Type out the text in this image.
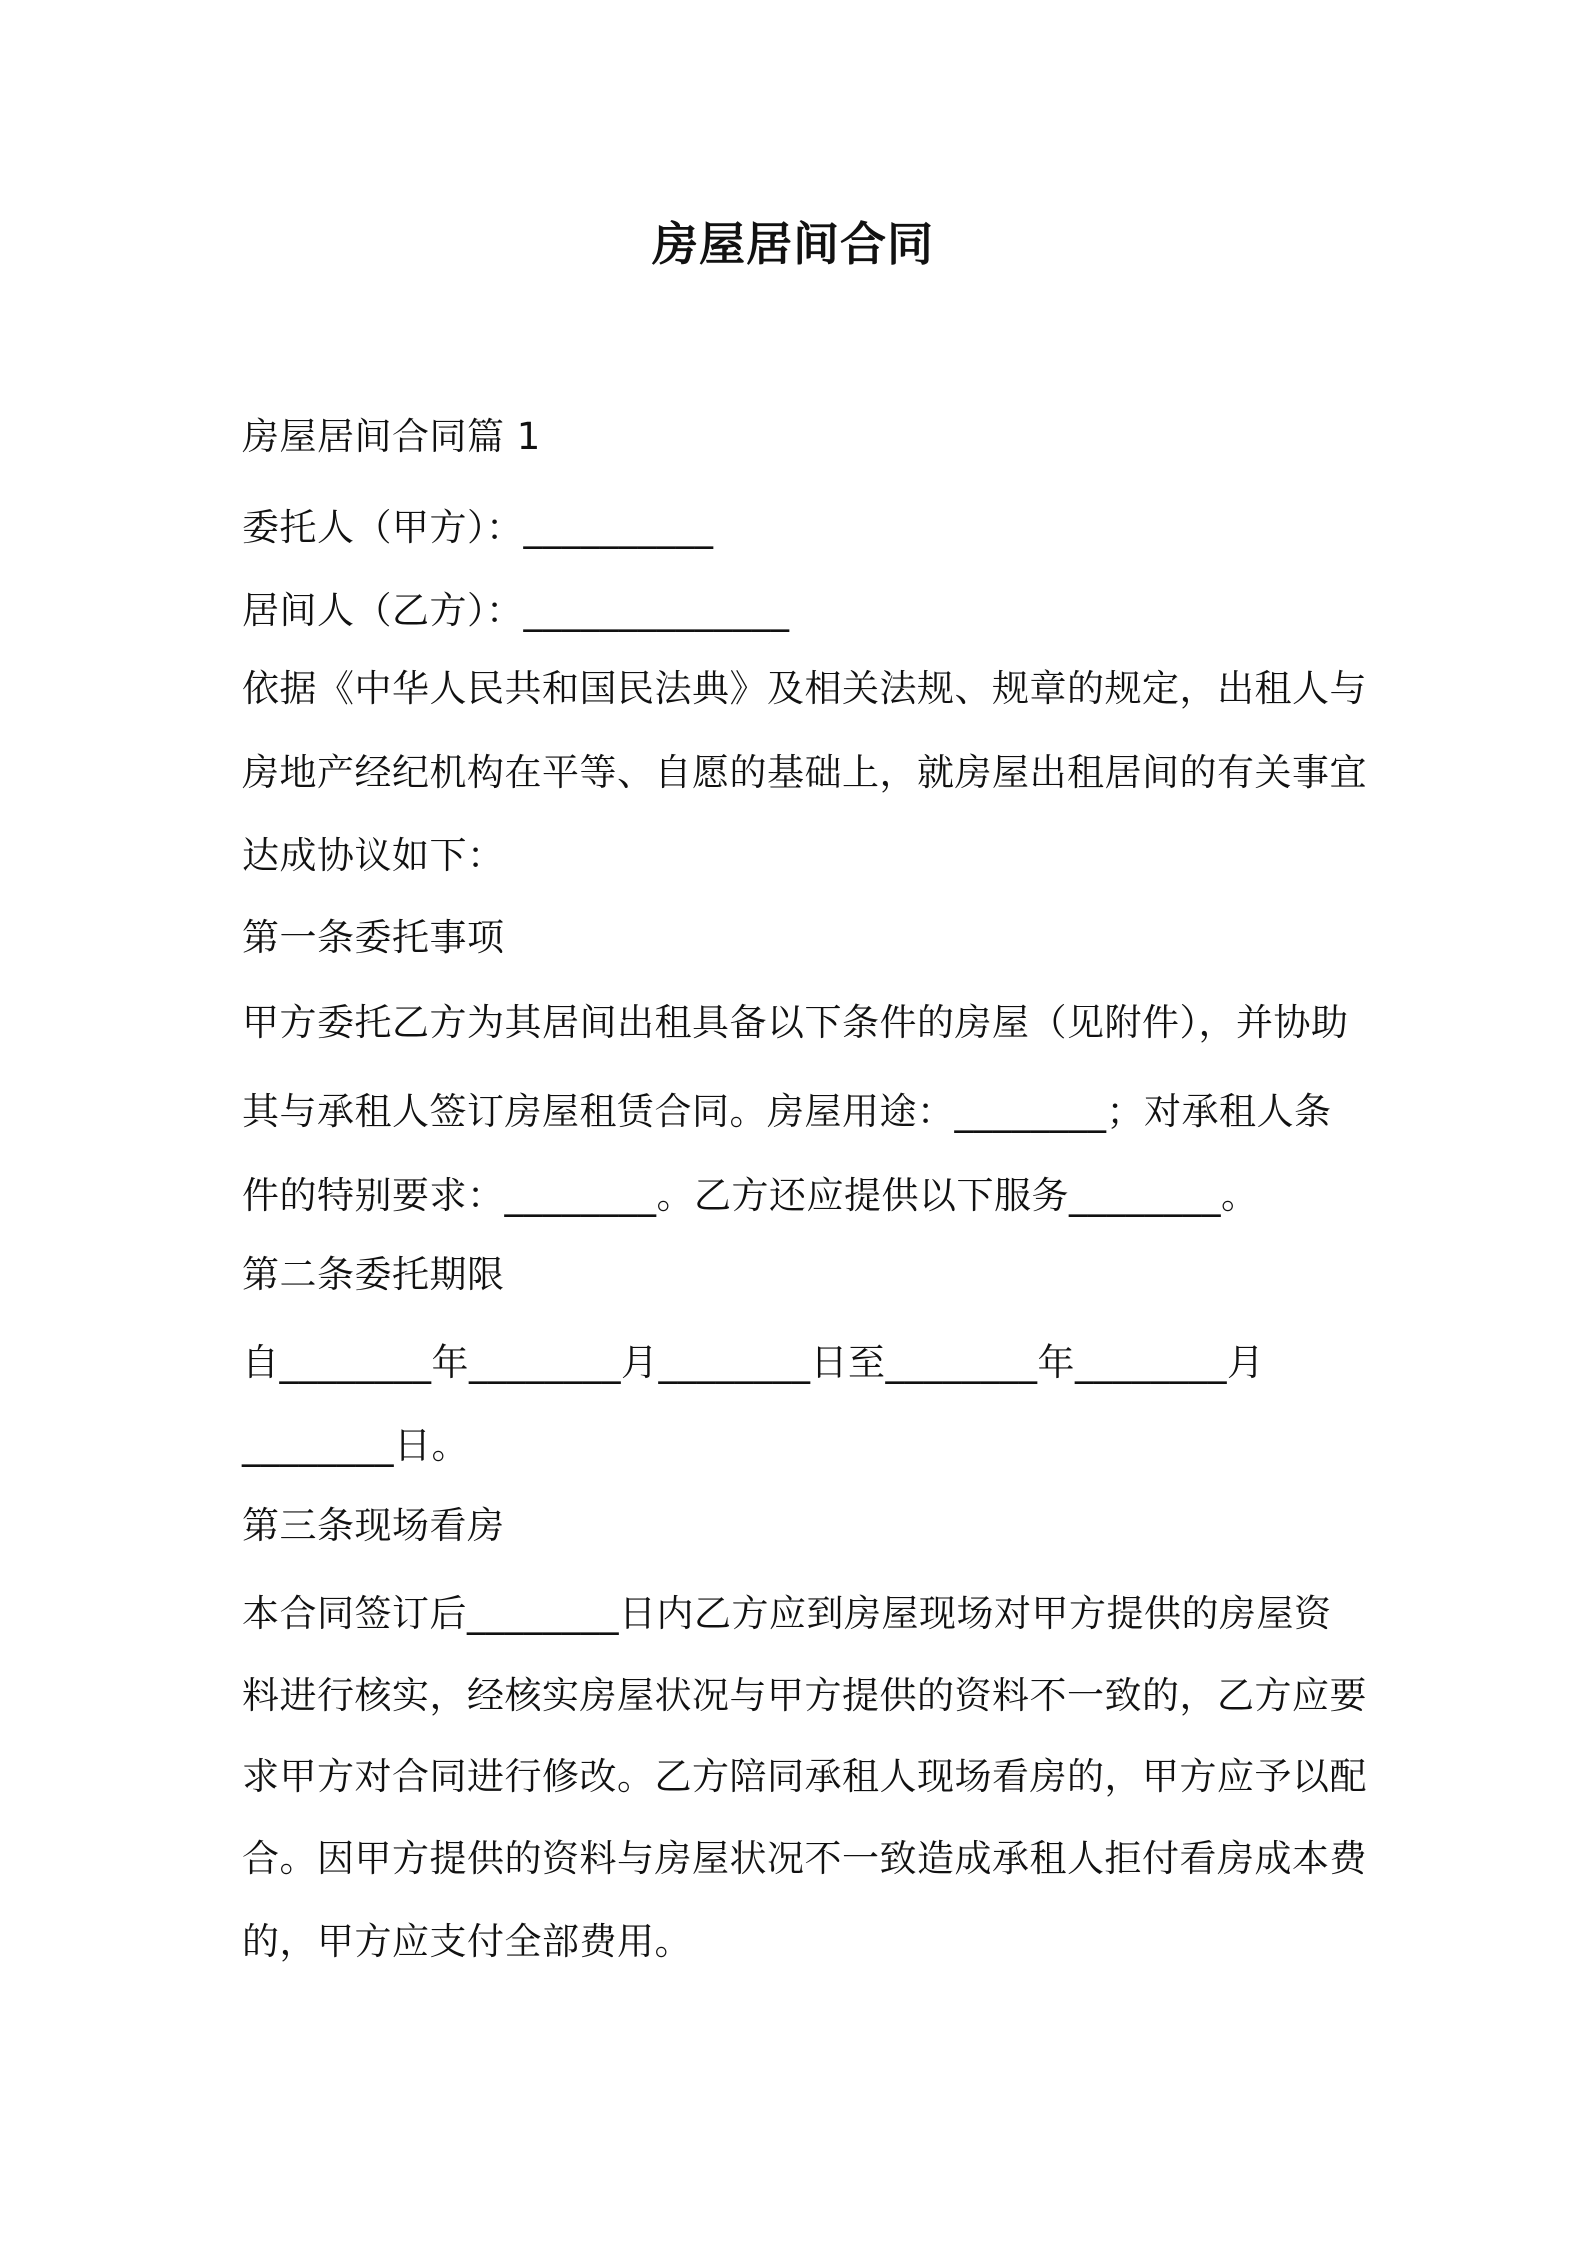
房屋居间合同
房屋居间合同篇 1
委托人（甲方）：__________
居间人（乙方）：______________
依据《中华人民共和国民法典》及相关法规、规章的规定，出租人与
房地产经纪机构在平等、自愿的基础上，就房屋出租居间的有关事宜
达成协议如下：
第一条委托事项
甲方委托乙方为其居间出租具备以下条件的房屋（见附件），并协助
其与承租人签订房屋租赁合同。房屋用途：________；对承租人条
件的特别要求：________。乙方还应提供以下服务________。
第二条委托期限
自________年________月________日至________年________月
________日。
第三条现场看房
本合同签订后________日内乙方应到房屋现场对甲方提供的房屋资
料进行核实，经核实房屋状况与甲方提供的资料不一致的，乙方应要
求甲方对合同进行修改。乙方陪同承租人现场看房的，甲方应予以配
合。因甲方提供的资料与房屋状况不一致造成承租人拒付看房成本费
的，甲方应支付全部费用。
